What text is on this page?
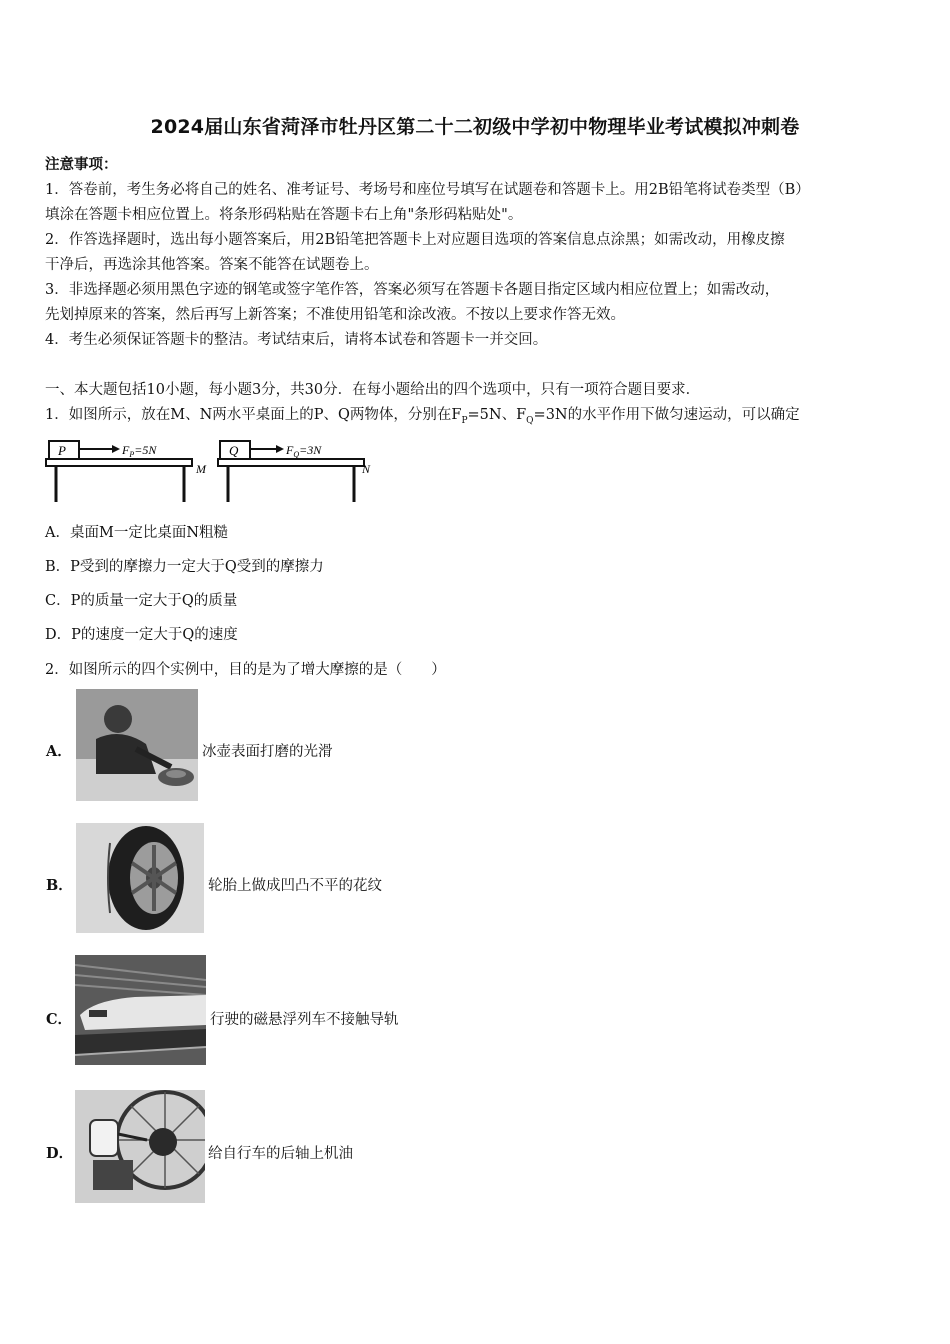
2024届山东省菏泽市牡丹区第二十二初级中学初中物理毕业考试模拟冲刺卷
注意事项：
1．答卷前，考生务必将自己的姓名、准考证号、考场号和座位号填写在试题卷和答题卡上。用2B铅笔将试卷类型（B）
填涂在答题卡相应位置上。将条形码粘贴在答题卡右上角"条形码粘贴处"。
2．作答选择题时，选出每小题答案后，用2B铅笔把答题卡上对应题目选项的答案信息点涂黑；如需改动，用橡皮擦
干净后，再选涂其他答案。答案不能答在试题卷上。
3．非选择题必须用黑色字迹的钢笔或签字笔作答，答案必须写在答题卡各题目指定区域内相应位置上；如需改动，
先划掉原来的答案，然后再写上新答案；不准使用铅笔和涂改液。不按以上要求作答无效。
4．考生必须保证答题卡的整洁。考试结束后，请将本试卷和答题卡一并交回。
一、本大题包括10小题，每小题3分，共30分．在每小题给出的四个选项中，只有一项符合题目要求．
1．如图所示，放在M、N两水平桌面上的P、Q两物体，分别在$F_P=5N$、$F_Q=3N$的水平作用下做匀速运动，可以确定
P	$F_P=5N$
M
Q	$F_Q=3N$
N
A．桌面M一定比桌面N粗糙
B．P受到的摩擦力一定大于Q受到的摩擦力
C．P的质量一定大于Q的质量
D．P的速度一定大于Q的速度
2．如图所示的四个实例中，目的是为了增大摩擦的是（　　）
A．	冰壶表面打磨的光滑
B．	轮胎上做成凹凸不平的花纹
C．	行驶的磁悬浮列车不接触导轨
D．	给自行车的后轴上机油
